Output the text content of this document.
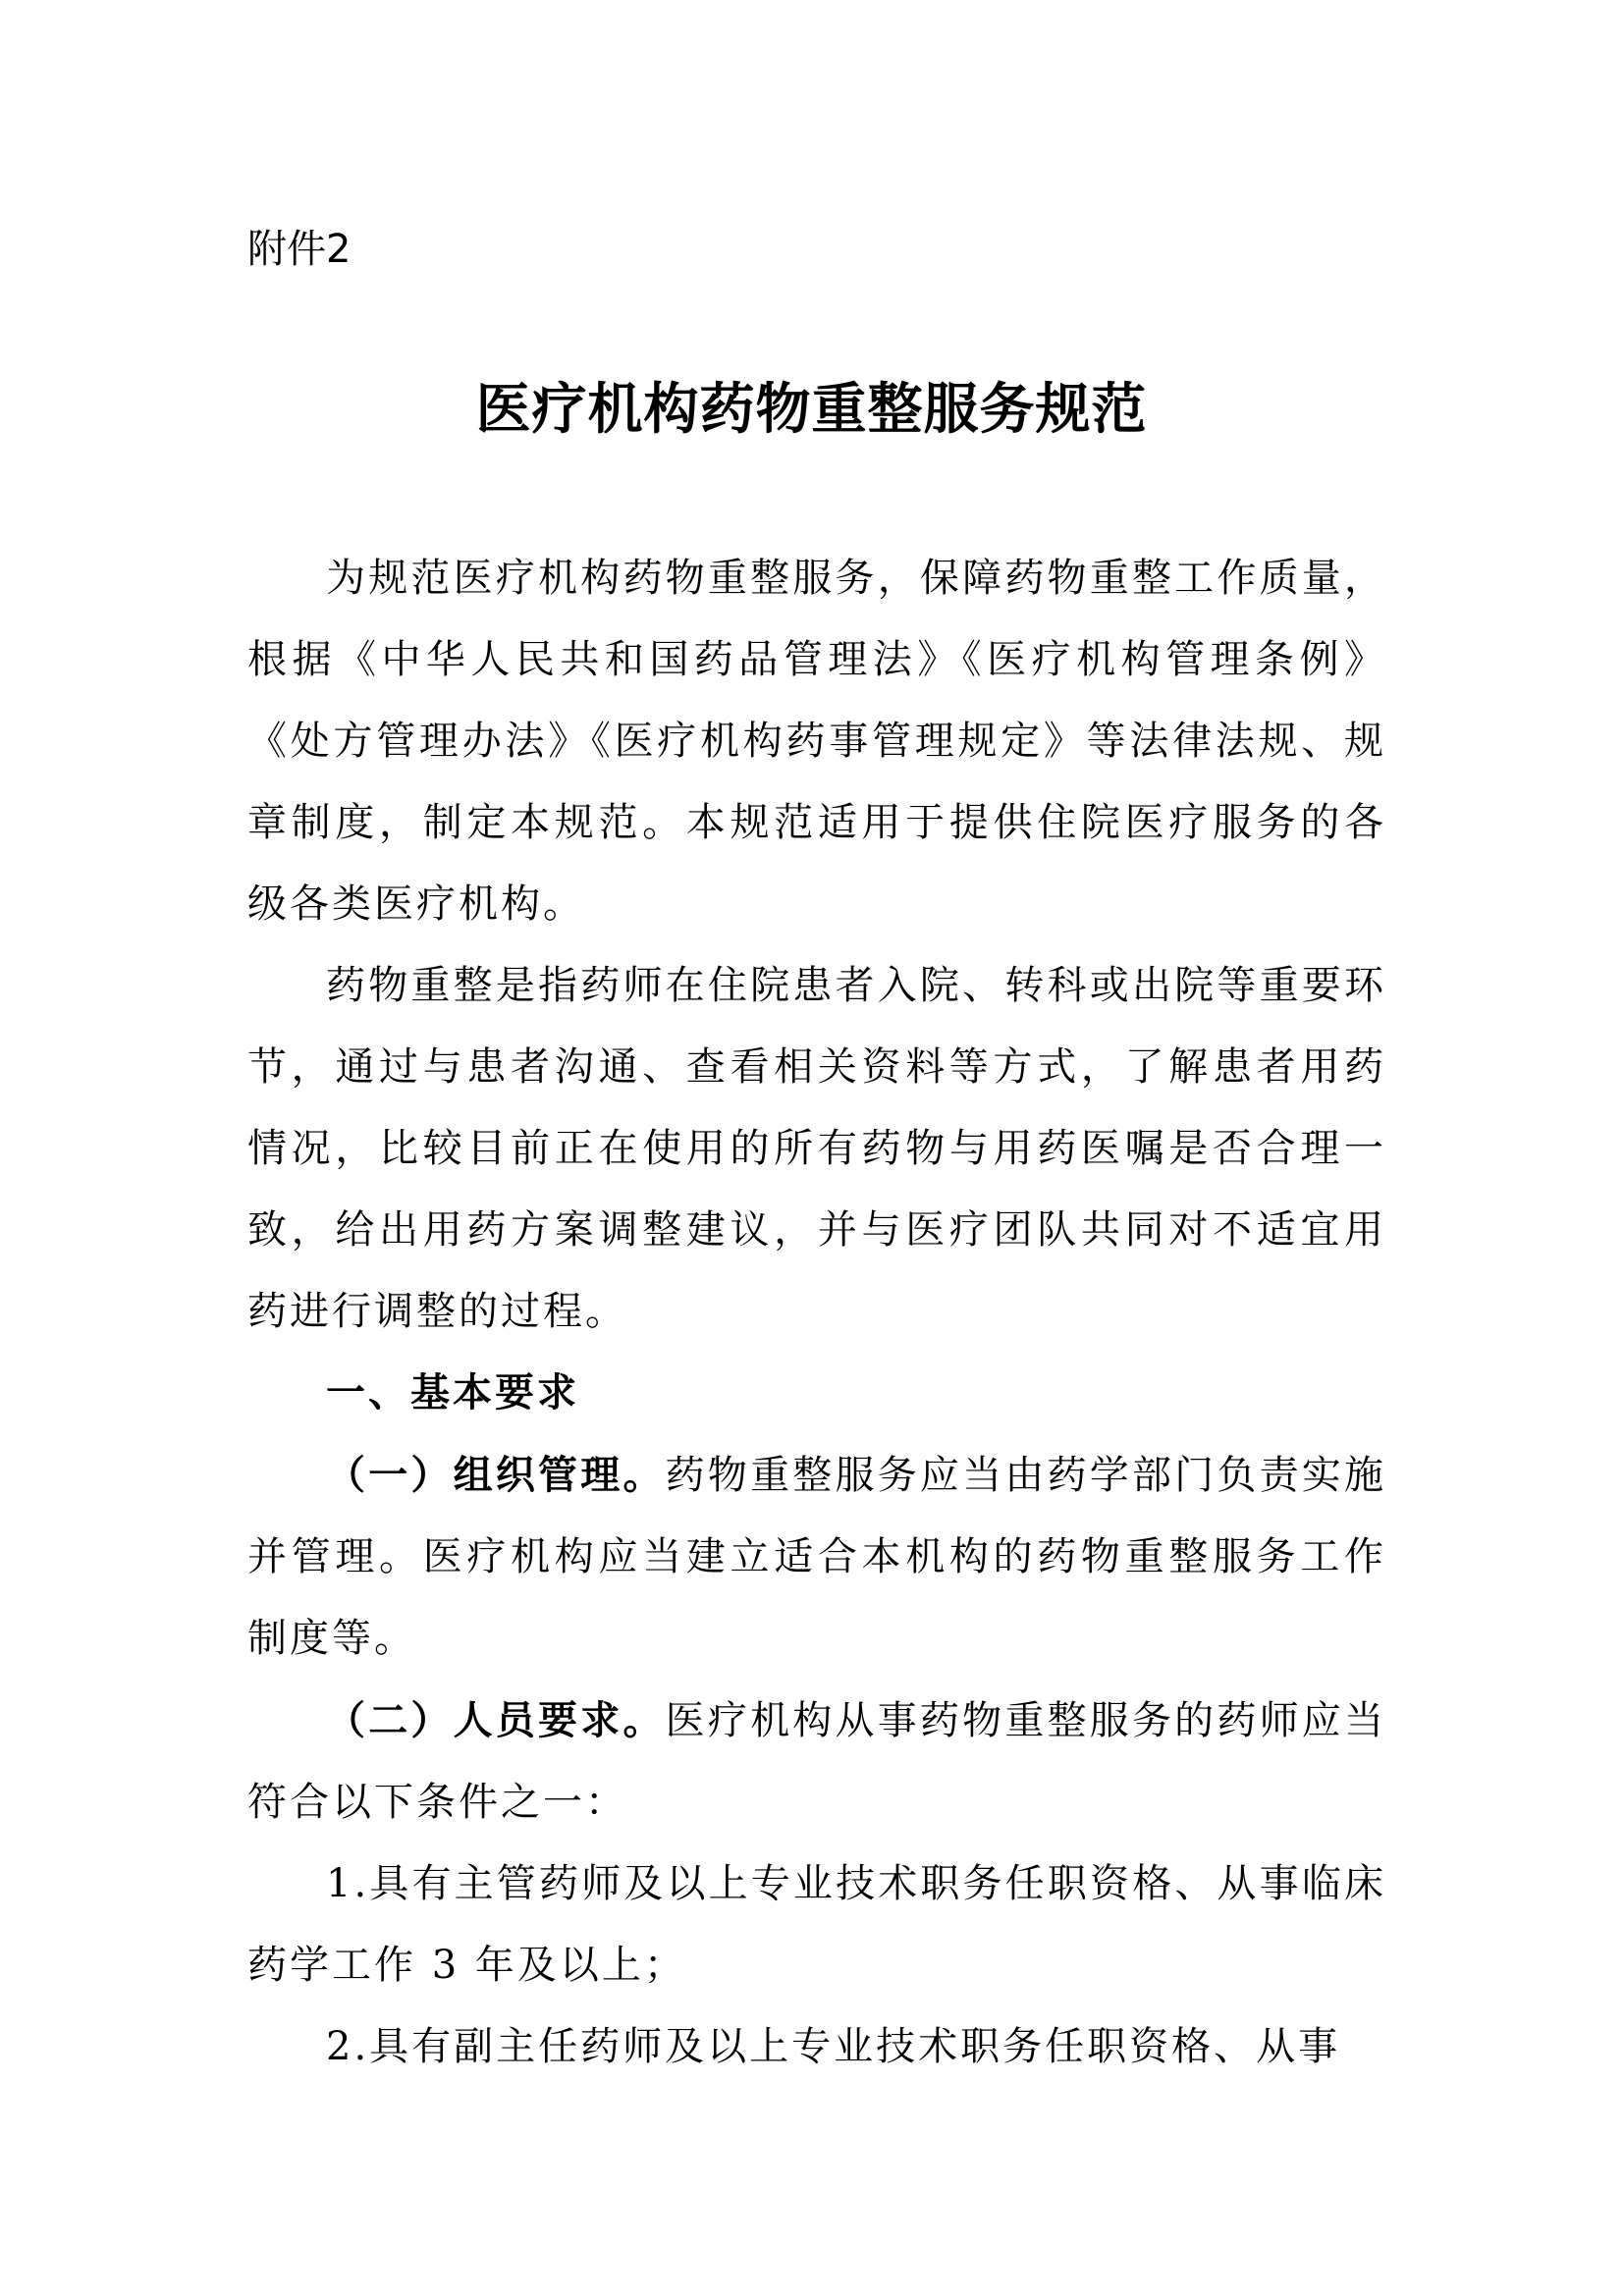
附件2

医疗机构药物重整服务规范

为规范医疗机构药物重整服务，保障药物重整工作质量，根据《中华人民共和国药品管理法》《医疗机构管理条例》《处方管理办法》《医疗机构药事管理规定》等法律法规、规章制度，制定本规范。本规范适用于提供住院医疗服务的各级各类医疗机构。

药物重整是指药师在住院患者入院、转科或出院等重要环节，通过与患者沟通、查看相关资料等方式，了解患者用药情况，比较目前正在使用的所有药物与用药医嘱是否合理一致，给出用药方案调整建议，并与医疗团队共同对不适宜用药进行调整的过程。

一、基本要求

（一）组织管理。药物重整服务应当由药学部门负责实施并管理。医疗机构应当建立适合本机构的药物重整服务工作制度等。

（二）人员要求。医疗机构从事药物重整服务的药师应当符合以下条件之一：

1.具有主管药师及以上专业技术职务任职资格、从事临床药学工作 3 年及以上；

2.具有副主任药师及以上专业技术职务任职资格、从事
